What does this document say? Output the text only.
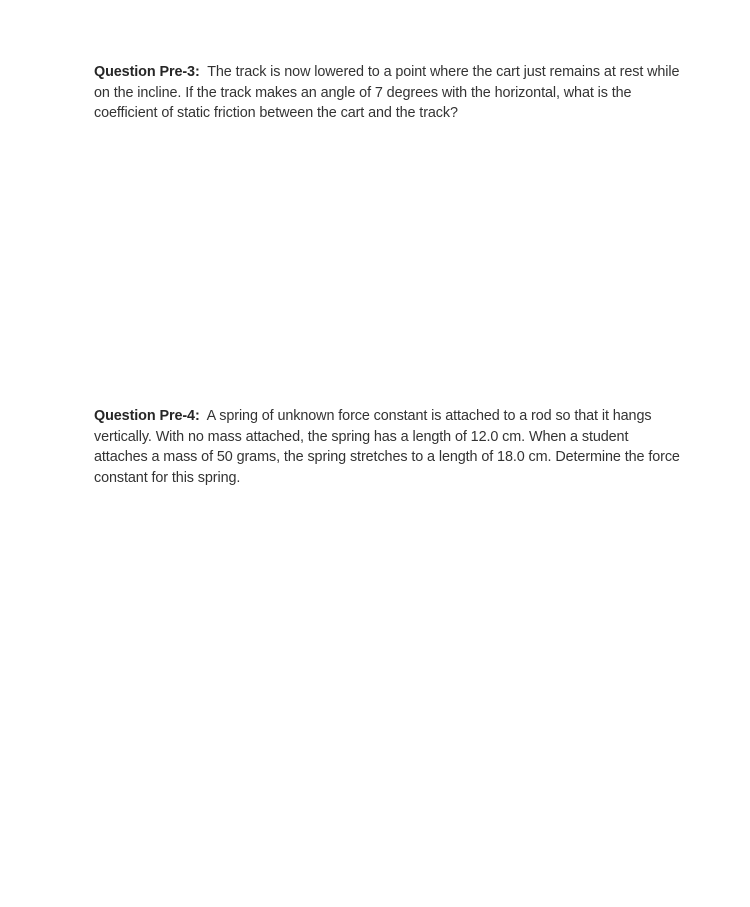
Question Pre-3: The track is now lowered to a point where the cart just remains at rest while on the incline. If the track makes an angle of 7 degrees with the horizontal, what is the coefficient of static friction between the cart and the track?

Question Pre-4: A spring of unknown force constant is attached to a rod so that it hangs vertically. With no mass attached, the spring has a length of 12.0 cm. When a student attaches a mass of 50 grams, the spring stretches to a length of 18.0 cm. Determine the force constant for this spring.
